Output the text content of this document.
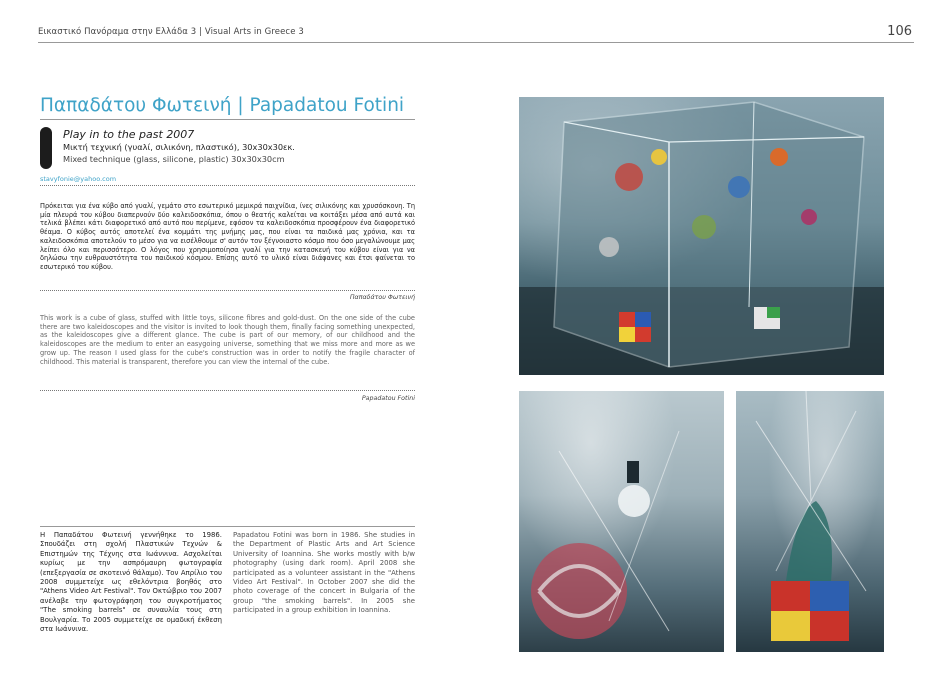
Εικαστικό Πανόραμα στην Ελλάδα 3 | Visual Arts in Greece 3	106
Παπαδάτου Φωτεινή | Papadatou Fotini
Play in to the past 2007
Μικτή τεχνική (γυαλί, σιλικόνη, πλαστικό), 30x30x30εκ.
Mixed technique (glass, silicone, plastic) 30x30x30cm
stavyfonie@yahoo.com
Πρόκειται για ένα κύβο από γυαλί, γεμάτο στο εσωτερικό μεμικρά παιχνίδια, ίνες σιλικόνης και χρυσόσκονη. Τη μία πλευρά του κύβου διαπερνούν δύο καλειδοσκόπια, όπου ο θεατής καλείται να κοιτάξει μέσα από αυτά και τελικά βλέπει κάτι διαφορετικό από αυτό που περίμενε, εφόσον τα καλειδοσκόπια προσφέρουν ένα διαφορετικό θέαμα. Ο κύβος αυτός αποτελεί ένα κομμάτι της μνήμης μας, που είναι τα παιδικά μας χρόνια, και τα καλειδοσκόπια αποτελούν το μέσο για να εισέλθουμε σ' αυτόν τον ξέγνοιαστο κόσμο που όσο μεγαλώνουμε μας λείπει όλο και περισσότερο. Ο λόγος που χρησιμοποίησα γυαλί για την κατασκευή του κύβου είναι για να δηλώσω την ευθραυστότητα του παιδικού κόσμου. Επίσης αυτό το υλικό είναι διάφανες και έτσι φαίνεται το εσωτερικό του κύβου.
Παπαδάτου Φωτεινή
This work is a cube of glass, stuffed with little toys, silicone fibres and gold-dust. On the one side of the cube there are two kaleidoscopes and the visitor is invited to look though them, finally facing something unexpected, as the kaleidoscopes give a different glance. The cube is part of our memory, of our childhood and the kaleidoscopes are the medium to enter an easygoing universe, something that we miss more and more as we grow up. The reason I used glass for the cube's construction was in order to notify the fragile character of childhood. This material is transparent, therefore you can view the internal of the cube.
Papadatou Fotini
Η Παπαδάτου Φωτεινή γεννήθηκε το 1986. Σπουδάζει στη σχολή Πλαστικών Τεχνών & Επιστημών της Τέχνης στα Ιωάννινα. Ασχολείται κυρίως με την ασπρόμαυρη φωτογραφία (επεξεργασία σε σκοτεινό θάλαμο). Τον Απρίλιο του 2008 συμμετείχε ως εθελόντρια βοηθός στο "Athens Video Art Festival". Τον Οκτώβριο του 2007 ανέλαβε την φωτογράφηση του συγκροτήματος "The smoking barrels" σε συναυλία τους στη Βουλγαρία. Το 2005 συμμετείχε σε ομαδική έκθεση στα Ιωάννινα.
Papadatou Fotini was born in 1986. She studies in the Department of Plastic Arts and Art Science University of Ioannina. She works mostly with b/w photography (using dark room). April 2008 she participated as a volunteer assistant in the "Athens Video Art Festival". In October 2007 she did the photo coverage of the concert in Bulgaria of the group "the smoking barrels". In 2005 she participated in a group exhibition in Ioannina.
